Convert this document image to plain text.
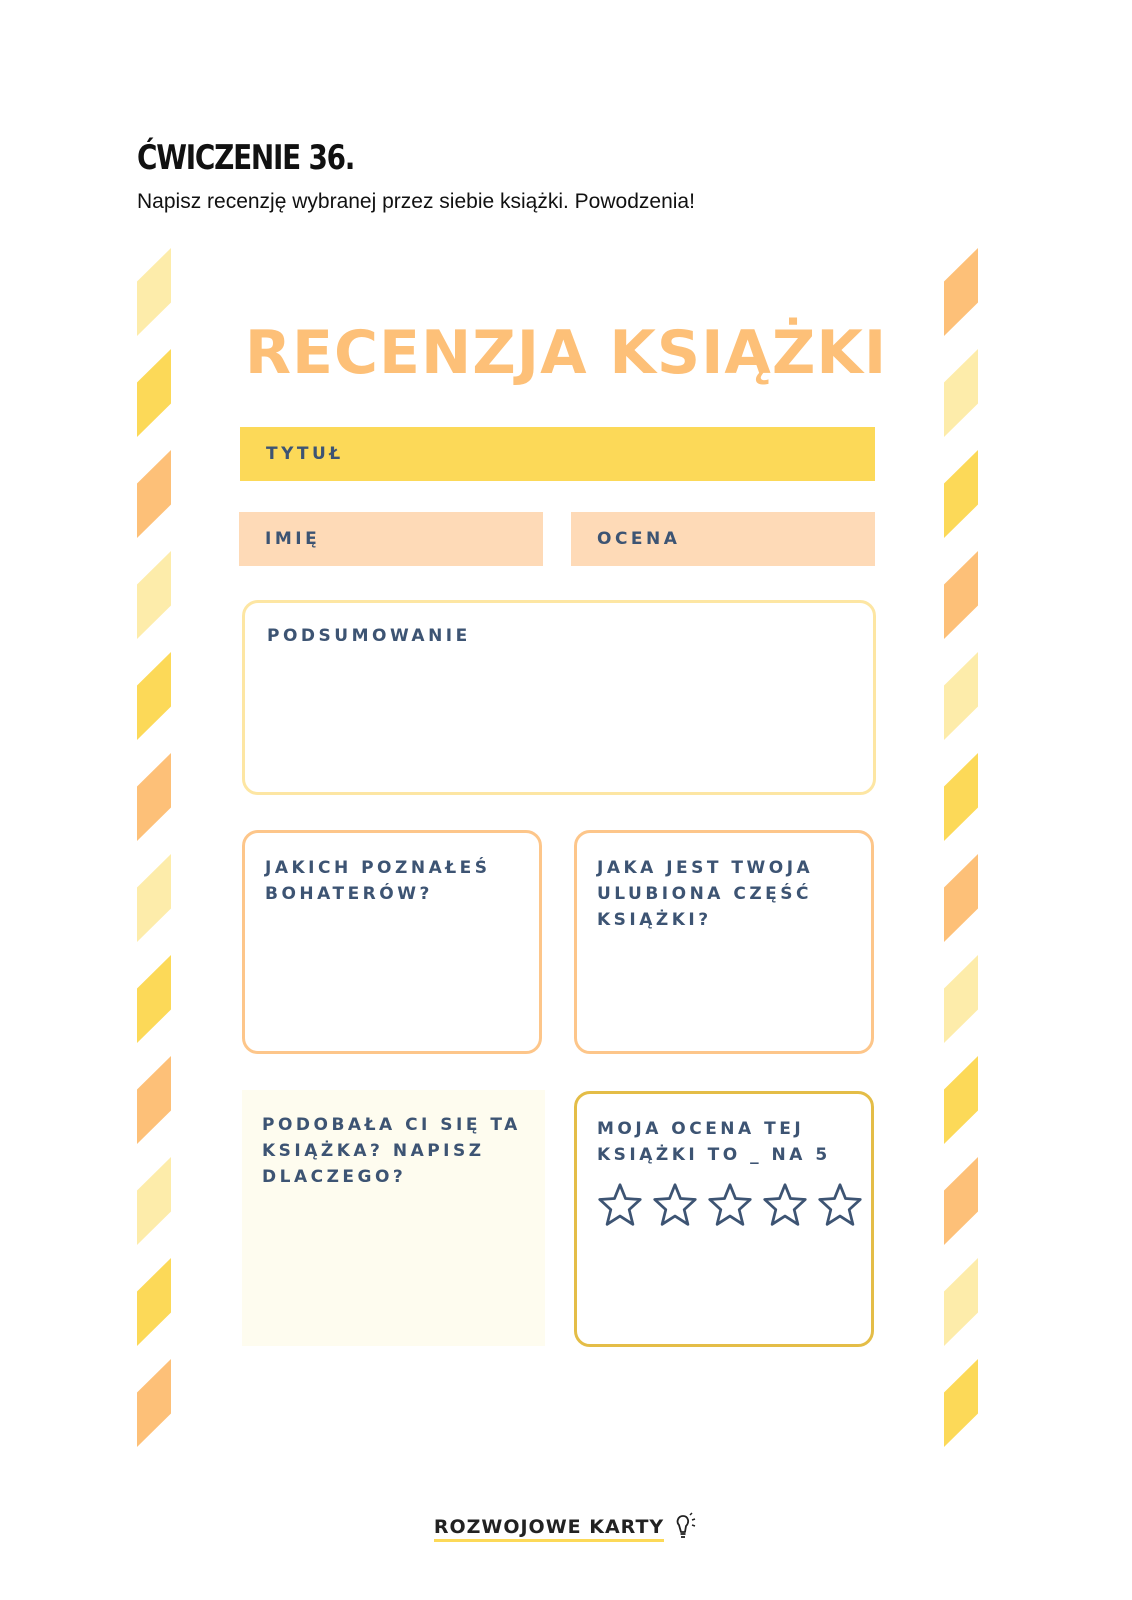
ĆWICZENIE 36.
Napisz recenzję wybranej przez siebie książki. Powodzenia!
RECENZJA KSIĄŻKI
TYTUŁ
IMIĘ	OCENA
PODSUMOWANIE
JAKICH POZNAŁEŚ
BOHATERÓW?
JAKA JEST TWOJA
ULUBIONA CZĘŚĆ
KSIĄŻKI?
PODOBAŁA CI SIĘ TA
KSIĄŻKA? NAPISZ
DLACZEGO?
MOJA OCENA TEJ
KSIĄŻKI TO _ NA 5
ROZWOJOWE KARTY
